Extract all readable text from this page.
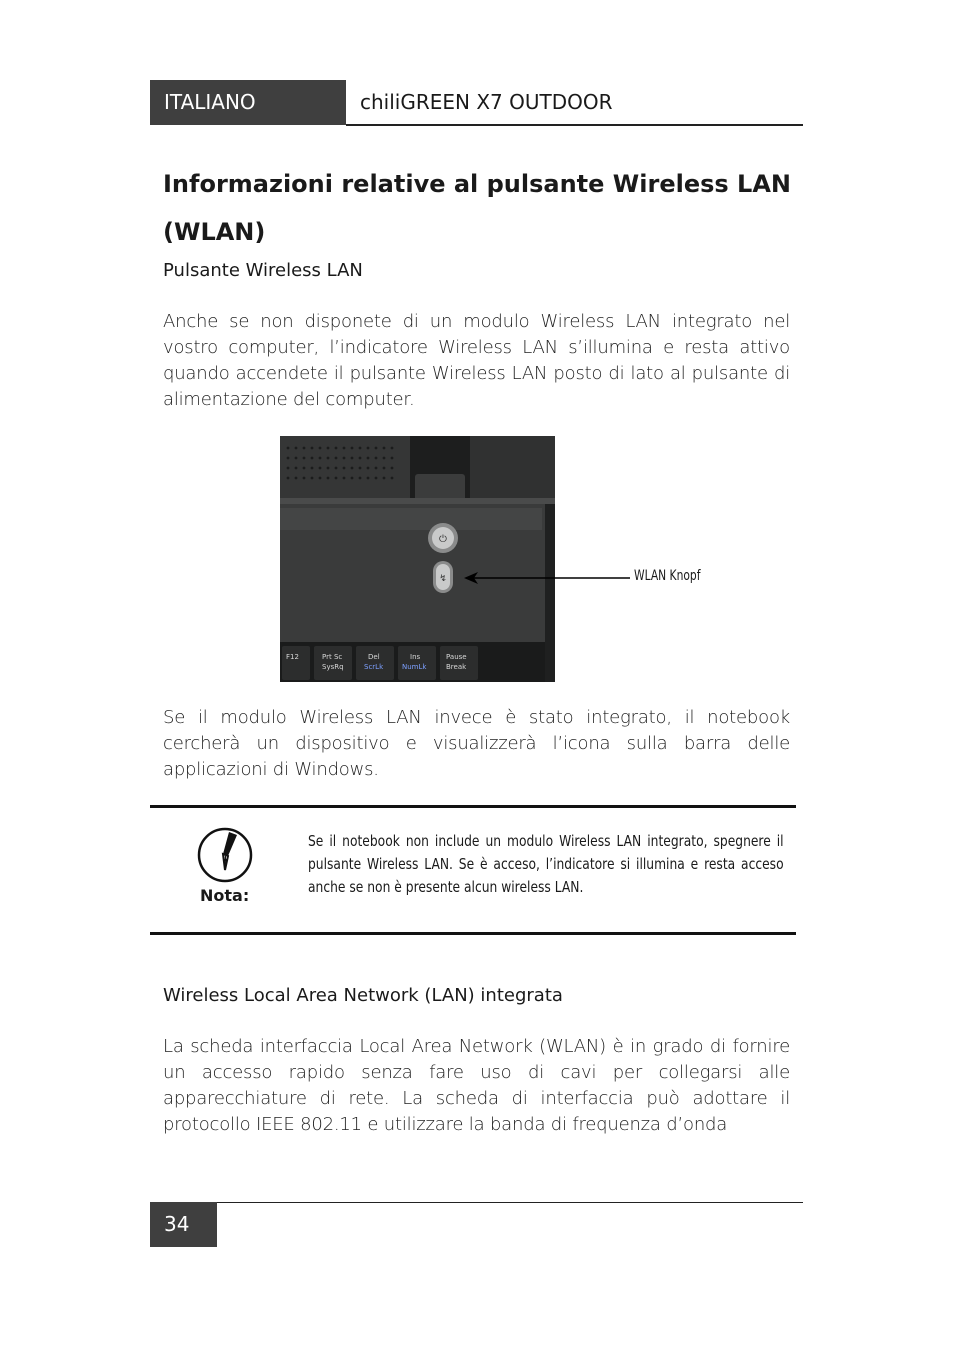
ITALIANO	chiliGREEN X7 OUTDOOR
Informazioni relative al pulsante Wireless LAN (WLAN)

Pulsante Wireless LAN

Anche se non disponete di un modulo Wireless LAN integrato nel vostro computer, l’indicatore Wireless LAN s’illumina e resta attivo quando accendete il pulsante Wireless LAN posto di lato al pulsante di alimentazione del computer.

⏻
↯
F12	Prt Sc
SysRq
Del
ScrLk
Ins
NumLk
Pause
Break
WLAN Knopf

Se il modulo Wireless LAN invece è stato integrato, il notebook cercherà un dispositivo e visualizzerà l’icona sulla barra delle applicazioni di Windows.

Nota:

Se il notebook non include un modulo Wireless LAN integrato, spegnere il pulsante Wireless LAN. Se è acceso, l’indicatore si illumina e resta acceso anche se non è presente alcun wireless LAN.

Wireless Local Area Network (LAN) integrata

La scheda interfaccia Local Area Network (WLAN) è in grado di fornire un accesso rapido senza fare uso di cavi per collegarsi alle apparecchiature di rete. La scheda di interfaccia può adottare il protocollo IEEE 802.11 e utilizzare la banda di frequenza d’onda

34
